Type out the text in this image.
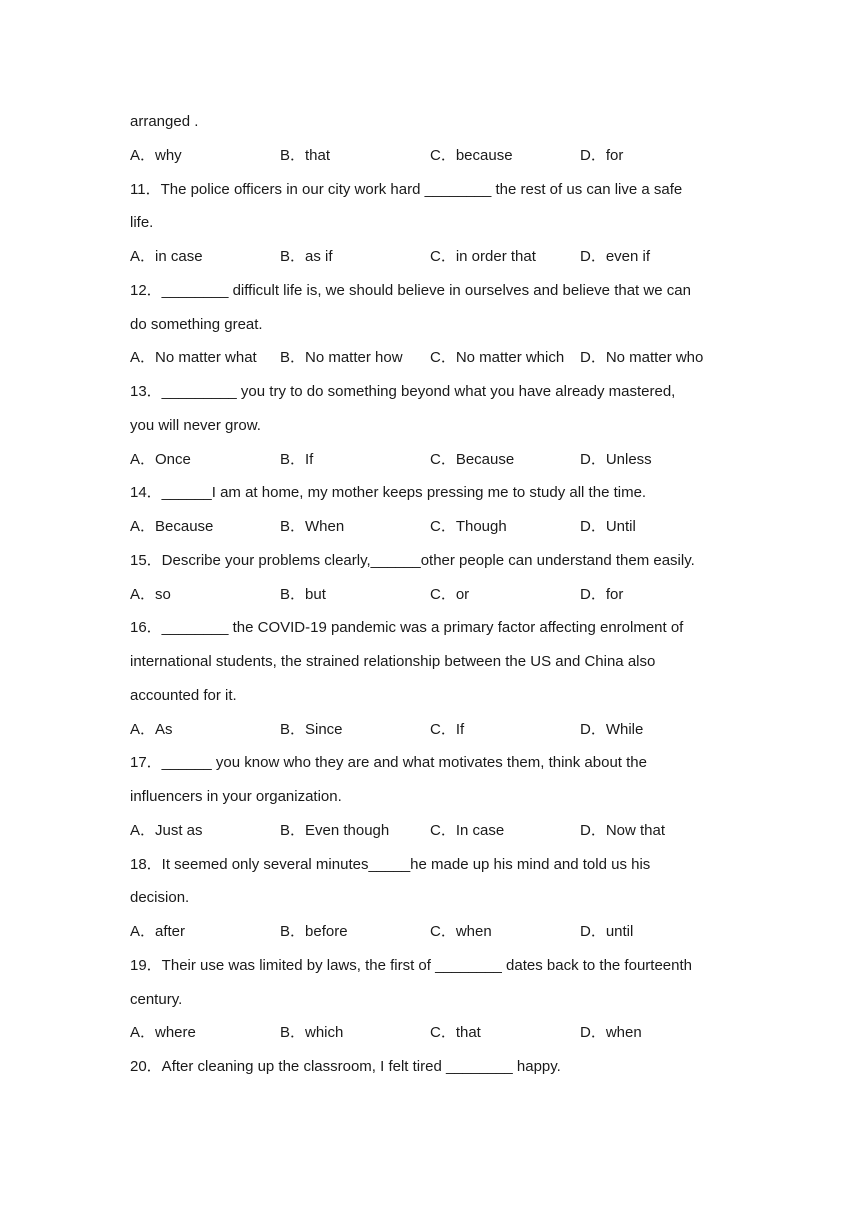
arranged .
A．why	B．that	C．because	D．for
11．The police officers in our city work hard ________ the rest of us can live a safe
life.
A．in case	B．as if	C．in order that	D．even if
12．________ difficult life is, we should believe in ourselves and believe that we can
do something great.
A．No matter what B．No matter how C．No matter which D．No matter who
13．_________ you try to do something beyond what you have already mastered,
you will never grow.
A．Once	B．If	C．Because	D．Unless
14．______I am at home, my mother keeps pressing me to study all the time.
A．Because	B．When	C．Though	D．Until
15．Describe your problems clearly,______other people can understand them easily.
A．so	B．but	C．or	D．for
16．________ the COVID-19 pandemic was a primary factor affecting enrolment of
international students, the strained relationship between the US and China also
accounted for it.
A．As	B．Since	C．If	D．While
17．______ you know who they are and what motivates them, think about the
influencers in your organization.
A．Just as	B．Even though	C．In case	D．Now that
18．It seemed only several minutes_____he made up his mind and told us his
decision.
A．after	B．before	C．when	D．until
19．Their use was limited by laws, the first of ________ dates back to the fourteenth
century.
A．where	B．which	C．that	D．when
20．After cleaning up the classroom, I felt tired ________ happy.
